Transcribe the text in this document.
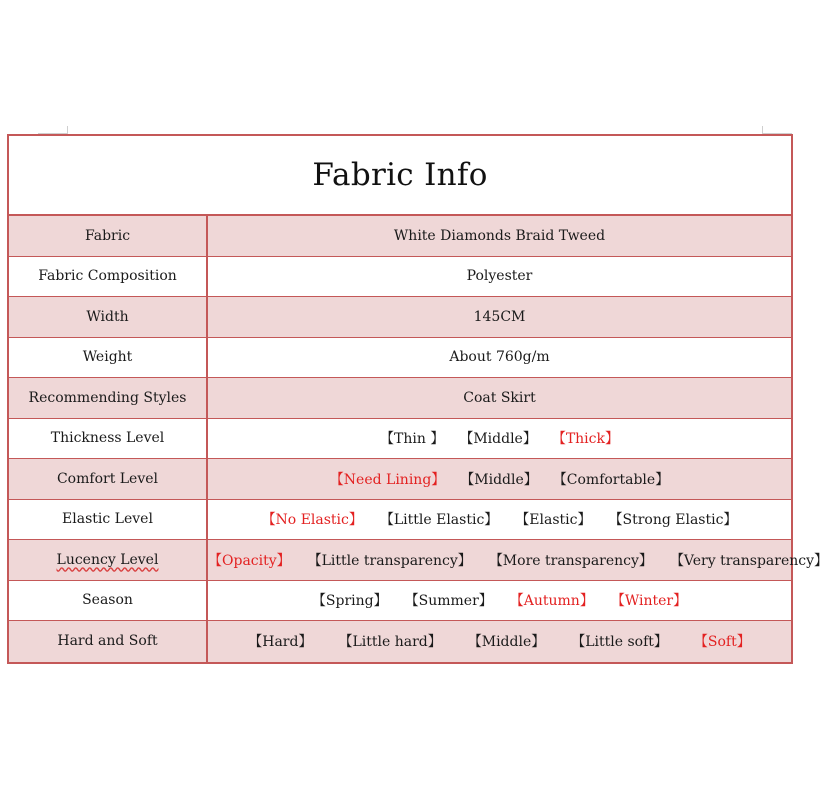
Fabric Info
Fabric	White Diamonds Braid Tweed
Fabric Composition	Polyester
Width	145CM
Weight	About 760g/m
Recommending Styles	Coat Skirt
Thickness Level	【Thin 】 【Middle】 【Thick】
Comfort Level	【Need Lining】 【Middle】 【Comfortable】
Elastic Level	【No Elastic】 【Little Elastic】 【Elastic】 【Strong Elastic】
Lucency Level	【Opacity】 【Little transparency】 【More transparency】 【Very transparency】
Season	【Spring】 【Summer】 【Autumn】 【Winter】
Hard and Soft	【Hard】 【Little hard】 【Middle】 【Little soft】 【Soft】
